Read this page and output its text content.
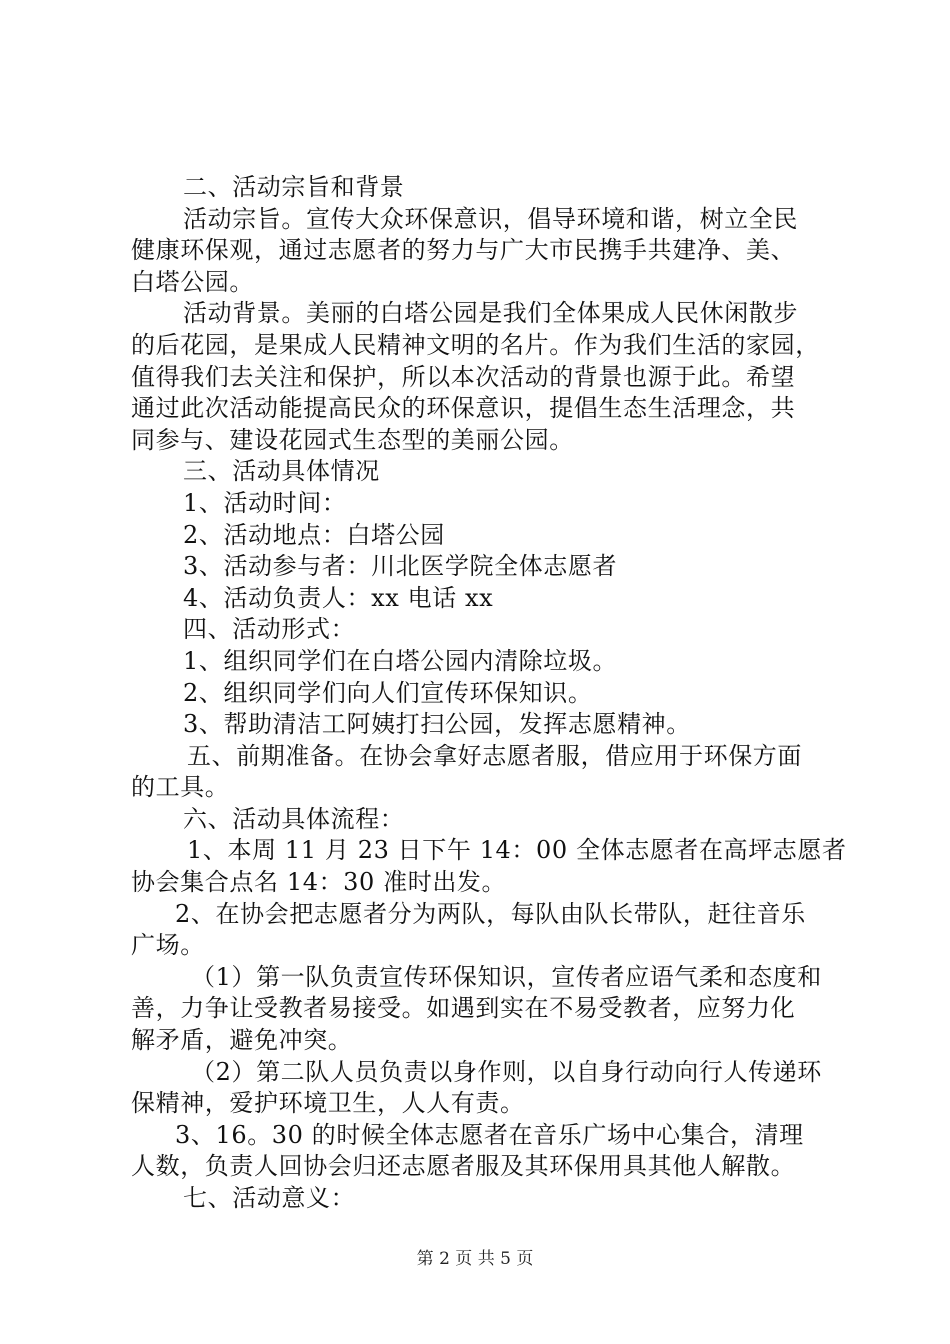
二、活动宗旨和背景

活动宗旨。宣传大众环保意识，倡导环境和谐，树立全民

健康环保观，通过志愿者的努力与广大市民携手共建净、美、

白塔公园。

活动背景。美丽的白塔公园是我们全体果成人民休闲散步

的后花园，是果成人民精神文明的名片。作为我们生活的家园，

值得我们去关注和保护，所以本次活动的背景也源于此。希望

通过此次活动能提高民众的环保意识，提倡生态生活理念，共

同参与、建设花园式生态型的美丽公园。

三、活动具体情况

1、活动时间：

2、活动地点：白塔公园

3、活动参与者：川北医学院全体志愿者

4、活动负责人：xx 电话 xx

四、活动形式：

1、组织同学们在白塔公园内清除垃圾。

2、组织同学们向人们宣传环保知识。

3、帮助清洁工阿姨打扫公园，发挥志愿精神。

五、前期准备。在协会拿好志愿者服，借应用于环保方面

的工具。

六、活动具体流程：

1、本周 11 月 23 日下午 14：00 全体志愿者在高坪志愿者

协会集合点名 14：30 准时出发。

2、在协会把志愿者分为两队，每队由队长带队，赶往音乐

广场。

（1）第一队负责宣传环保知识，宣传者应语气柔和态度和

善，力争让受教者易接受。如遇到实在不易受教者，应努力化

解矛盾，避免冲突。

（2）第二队人员负责以身作则，以自身行动向行人传递环

保精神，爱护环境卫生，人人有责。

3、16。30 的时候全体志愿者在音乐广场中心集合，清理

人数，负责人回协会归还志愿者服及其环保用具其他人解散。

七、活动意义：

第 2 页 共 5 页
